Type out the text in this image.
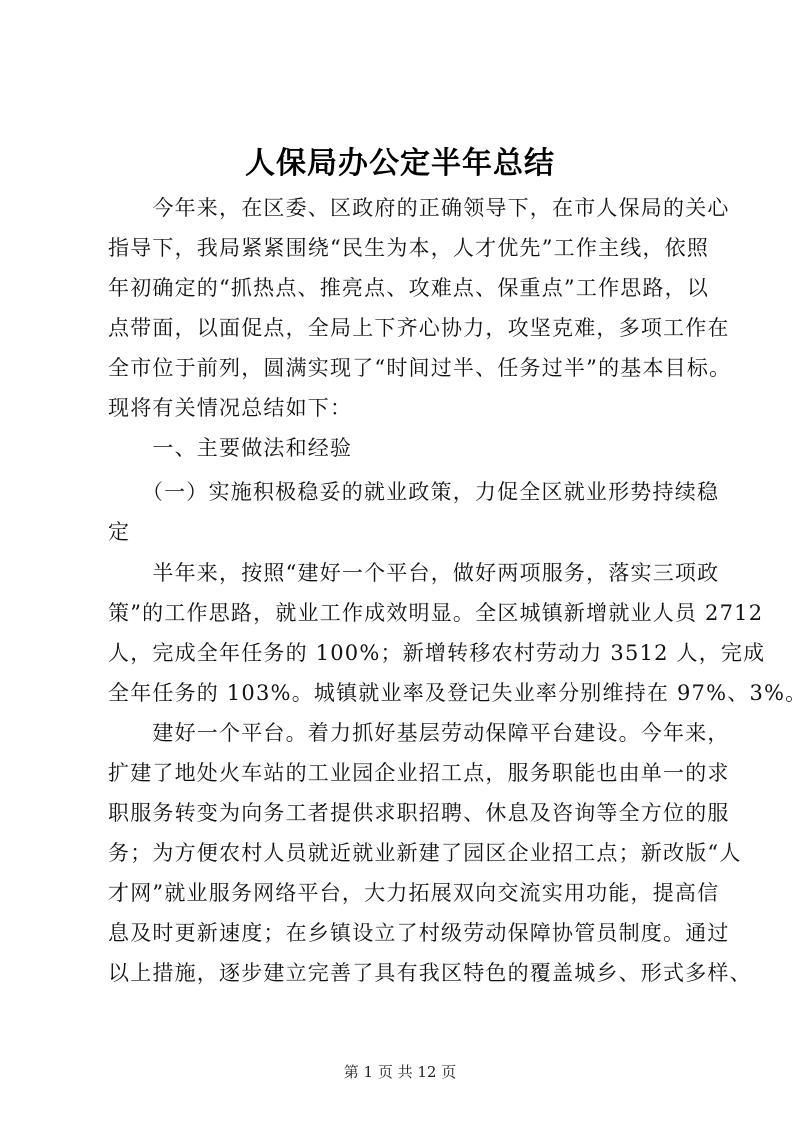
人保局办公定半年总结
　　今年来，在区委、区政府的正确领导下，在市人保局的关心
指导下，我局紧紧围绕“民生为本，人才优先”工作主线，依照
年初确定的“抓热点、推亮点、攻难点、保重点”工作思路，以
点带面，以面促点，全局上下齐心协力，攻坚克难，多项工作在
全市位于前列，圆满实现了“时间过半、任务过半”的基本目标。
现将有关情况总结如下：
　　一、主要做法和经验
　　（一）实施积极稳妥的就业政策，力促全区就业形势持续稳
定
　　半年来，按照“建好一个平台，做好两项服务，落实三项政
策”的工作思路，就业工作成效明显。全区城镇新增就业人员 2712
人，完成全年任务的 100%；新增转移农村劳动力 3512 人，完成
全年任务的 103%。城镇就业率及登记失业率分别维持在 97%、3%。
　　建好一个平台。着力抓好基层劳动保障平台建设。今年来，
扩建了地处火车站的工业园企业招工点，服务职能也由单一的求
职服务转变为向务工者提供求职招聘、休息及咨询等全方位的服
务；为方便农村人员就近就业新建了园区企业招工点；新改版“人
才网”就业服务网络平台，大力拓展双向交流实用功能，提高信
息及时更新速度；在乡镇设立了村级劳动保障协管员制度。通过
以上措施，逐步建立完善了具有我区特色的覆盖城乡、形式多样、
第 1 页 共 12 页
